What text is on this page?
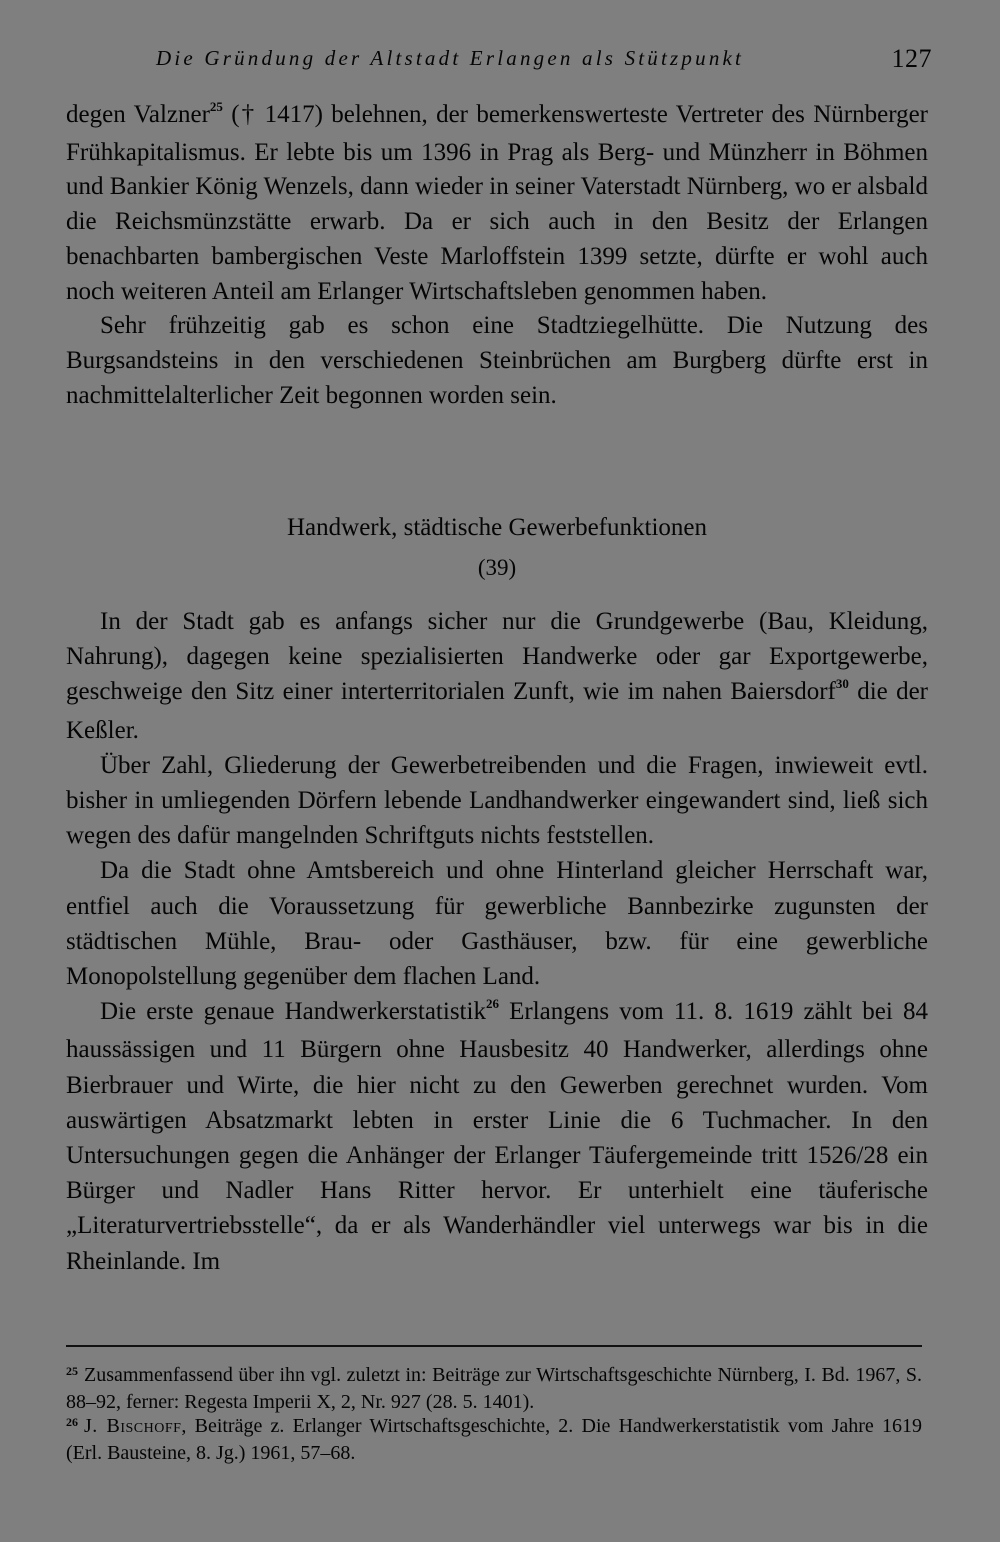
Die Gründung der Altstadt Erlangen als Stützpunkt	127

degen Valzner$^{25}$ († 1417) belehnen, der bemerkenswerteste Vertreter des Nürnberger Frühkapitalismus. Er lebte bis um 1396 in Prag als Berg- und Münzherr in Böhmen und Bankier König Wenzels, dann wieder in seiner Vaterstadt Nürnberg, wo er alsbald die Reichsmünzstätte erwarb. Da er sich auch in den Besitz der Erlangen benachbarten bambergischen Veste Marloffstein 1399 setzte, dürfte er wohl auch noch weiteren Anteil am Erlanger Wirtschaftsleben genommen haben.

Sehr frühzeitig gab es schon eine Stadtziegelhütte. Die Nutzung des Burgsandsteins in den verschiedenen Steinbrüchen am Burgberg dürfte erst in nachmittelalterlicher Zeit begonnen worden sein.

Handwerk, städtische Gewerbefunktionen
(39)

In der Stadt gab es anfangs sicher nur die Grundgewerbe (Bau, Kleidung, Nahrung), dagegen keine spezialisierten Handwerke oder gar Exportgewerbe, geschweige den Sitz einer interterritorialen Zunft, wie im nahen Baiersdorf$^{30}$ die der Keßler.

Über Zahl, Gliederung der Gewerbetreibenden und die Fragen, inwieweit evtl. bisher in umliegenden Dörfern lebende Landhandwerker eingewandert sind, ließ sich wegen des dafür mangelnden Schriftguts nichts feststellen.

Da die Stadt ohne Amtsbereich und ohne Hinterland gleicher Herrschaft war, entfiel auch die Voraussetzung für gewerbliche Bannbezirke zugunsten der städtischen Mühle, Brau- oder Gasthäuser, bzw. für eine gewerbliche Monopolstellung gegenüber dem flachen Land.

Die erste genaue Handwerkerstatistik$^{26}$ Erlangens vom 11. 8. 1619 zählt bei 84 haussässigen und 11 Bürgern ohne Hausbesitz 40 Handwerker, allerdings ohne Bierbrauer und Wirte, die hier nicht zu den Gewerben gerechnet wurden. Vom auswärtigen Absatzmarkt lebten in erster Linie die 6 Tuchmacher. In den Untersuchungen gegen die Anhänger der Erlanger Täufergemeinde tritt 1526/28 ein Bürger und Nadler Hans Ritter hervor. Er unterhielt eine täuferische „Literaturvertriebsstelle“, da er als Wanderhändler viel unterwegs war bis in die Rheinlande. Im

$^{25}$ Zusammenfassend über ihn vgl. zuletzt in: Beiträge zur Wirtschaftsgeschichte Nürnberg, I. Bd. 1967, S. 88–92, ferner: Regesta Imperii X, 2, Nr. 927 (28. 5. 1401).

$^{26}$ J. Bischoff, Beiträge z. Erlanger Wirtschaftsgeschichte, 2. Die Handwerkerstatistik vom Jahre 1619 (Erl. Bausteine, 8. Jg.) 1961, 57–68.
